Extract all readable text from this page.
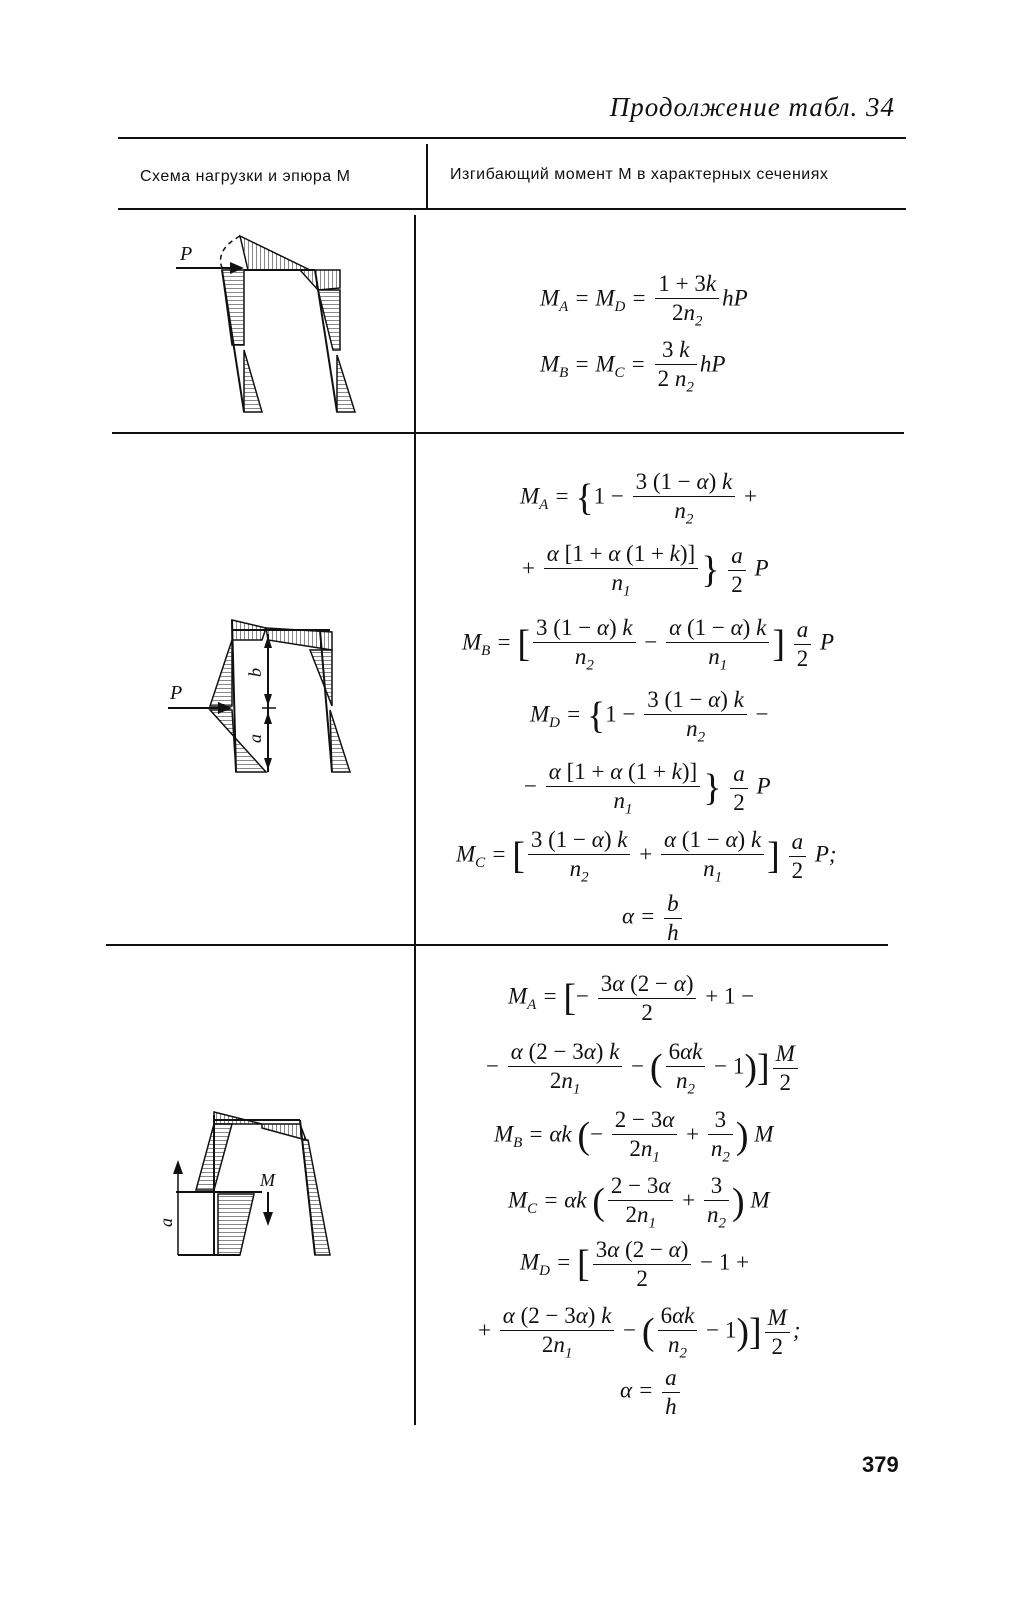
Продолжение табл. 34
Схема нагрузки и эпюра M	Изгибающий момент M в характерных сечениях
P
$M_A = M_D = \frac{1 + 3k}{2n_2}$ hP
$M_B = M_C = \frac{3 k}{2 n_2}$ hP
P
b
a
$M_A = \{1 - \frac{3 (1 - \alpha) k}{n_2}$ +
+ $\frac{\alpha [1 + \alpha (1 + k)]}{n_1}$ } $\frac{a}{2}$ P
$M_B$ = [ $\frac{3 (1 - \alpha) k}{n_2} - \frac{\alpha (1 - \alpha) k}{n_1}$ ] $\frac{a}{2}$ P
$M_D = \{1 - \frac{3 (1 - \alpha) k}{n_2}$ −
− $\frac{\alpha [1 + \alpha (1 + k)]}{n_1}$ } $\frac{a}{2}$ P
$M_C$ = [ $\frac{3 (1 - \alpha) k}{n_2} + \frac{\alpha (1 - \alpha) k}{n_1}$ ] $\frac{a}{2} P$;
$\alpha = \frac{b}{h}$
M
a
$M_A$ = [− $\frac{3\alpha (2 - \alpha)}{2} + 1$ −
− $\frac{\alpha (2 - 3\alpha) k}{2n_1}$ − ( $\frac{6\alpha k}{n_2} - 1)] \frac{M}{2}$
$M_B = \alpha k$ (− $\frac{2 - 3\alpha}{2n_1} + \frac{3}{n_2}$ ) M
$M_C = \alpha k$ ( $\frac{2 - 3\alpha}{2n_1} + \frac{3}{n_2}$ ) M
$M_D$ = [ $\frac{3\alpha (2 - \alpha)}{2} - 1$ +
+ $\frac{\alpha (2 - 3\alpha) k}{2n_1}$ − ( $\frac{6\alpha k}{n_2} - 1)] \frac{M}{2}$ ;
$\alpha = \frac{a}{h}$
379
